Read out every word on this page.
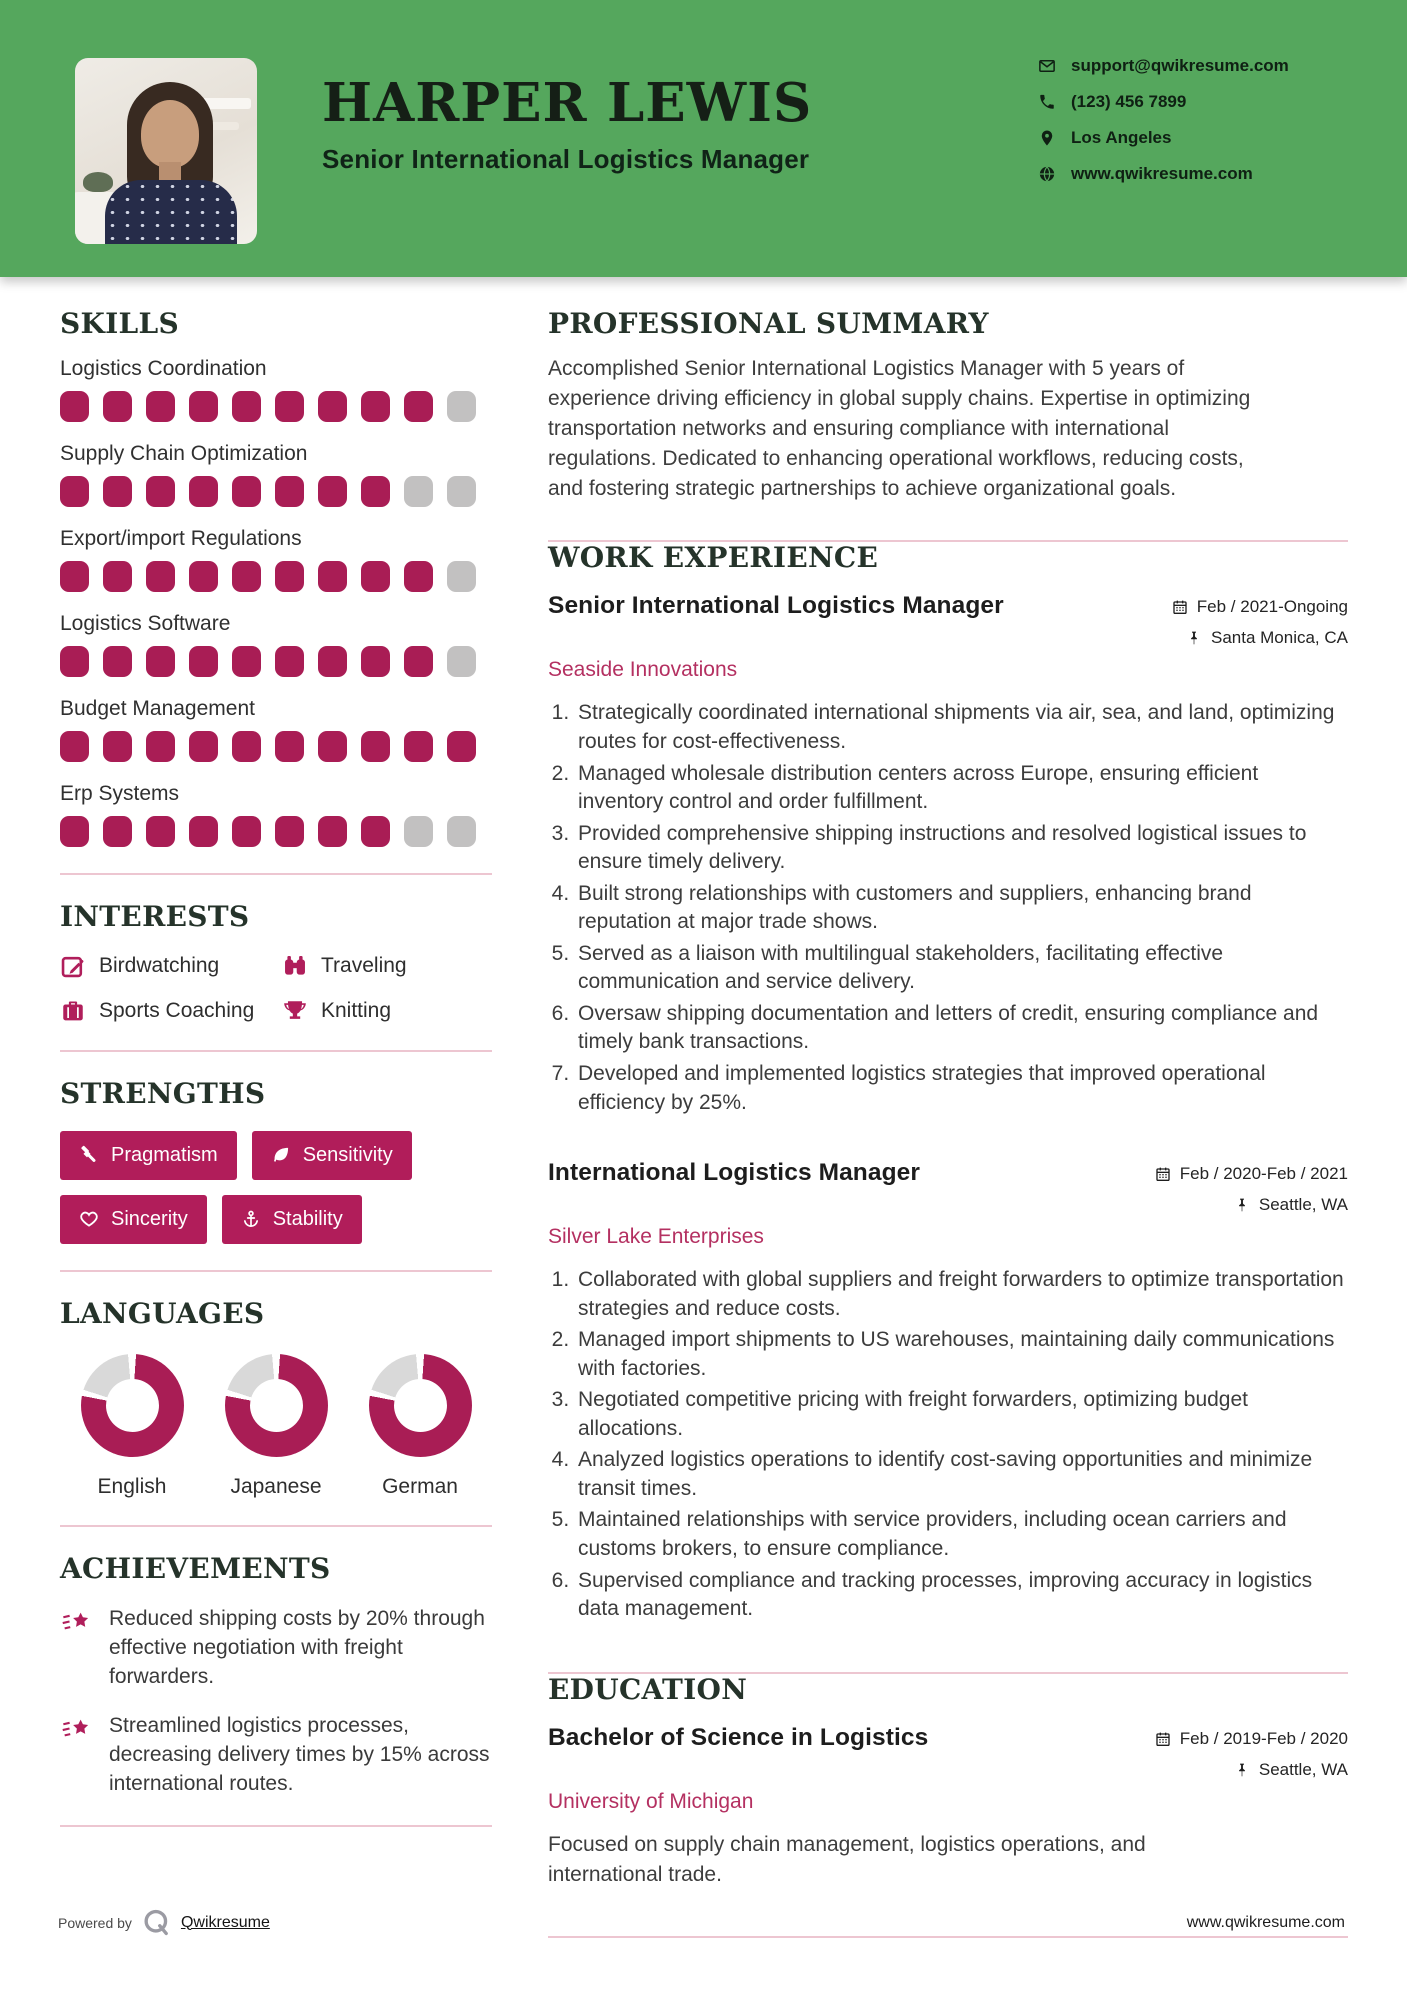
HARPER LEWIS
Senior International Logistics Manager
support@qwikresume.com
(123) 456 7899
Los Angeles
www.qwikresume.com
SKILLS
Logistics Coordination
Supply Chain Optimization
Export/import Regulations
Logistics Software
Budget Management
Erp Systems
INTERESTS
Birdwatching	Traveling
Sports Coaching	Knitting
STRENGTHS
Pragmatism	Sensitivity
Sincerity	Stability
LANGUAGES
English	Japanese	German
ACHIEVEMENTS

Reduced shipping costs by 20% through effective negotiation with freight forwarders.

Streamlined logistics processes, decreasing delivery times by 15% across international routes.

PROFESSIONAL SUMMARY

Accomplished Senior International Logistics Manager with 5 years of experience driving efficiency in global supply chains. Expertise in optimizing transportation networks and ensuring compliance with international regulations. Dedicated to enhancing operational workflows, reducing costs, and fostering strategic partnerships to achieve organizational goals.

WORK EXPERIENCE
Senior International Logistics Manager	Feb / 2021-Ongoing
Santa Monica, CA
Seaside Innovations
1. Strategically coordinated international shipments via air, sea, and land, optimizing routes for cost-effectiveness.
2. Managed wholesale distribution centers across Europe, ensuring efficient inventory control and order fulfillment.
3. Provided comprehensive shipping instructions and resolved logistical issues to ensure timely delivery.
4. Built strong relationships with customers and suppliers, enhancing brand reputation at major trade shows.
5. Served as a liaison with multilingual stakeholders, facilitating effective communication and service delivery.
6. Oversaw shipping documentation and letters of credit, ensuring compliance and timely bank transactions.
7. Developed and implemented logistics strategies that improved operational efficiency by 25%.
International Logistics Manager	Feb / 2020-Feb / 2021
Seattle, WA
Silver Lake Enterprises
1. Collaborated with global suppliers and freight forwarders to optimize transportation strategies and reduce costs.
2. Managed import shipments to US warehouses, maintaining daily communications with factories.
3. Negotiated competitive pricing with freight forwarders, optimizing budget allocations.
4. Analyzed logistics operations to identify cost-saving opportunities and minimize transit times.
5. Maintained relationships with service providers, including ocean carriers and customs brokers, to ensure compliance.
6. Supervised compliance and tracking processes, improving accuracy in logistics data management.
EDUCATION
Bachelor of Science in Logistics	Feb / 2019-Feb / 2020
Seattle, WA
University of Michigan

Focused on supply chain management, logistics operations, and international trade.

Powered by	Qwikresume	www.qwikresume.com
